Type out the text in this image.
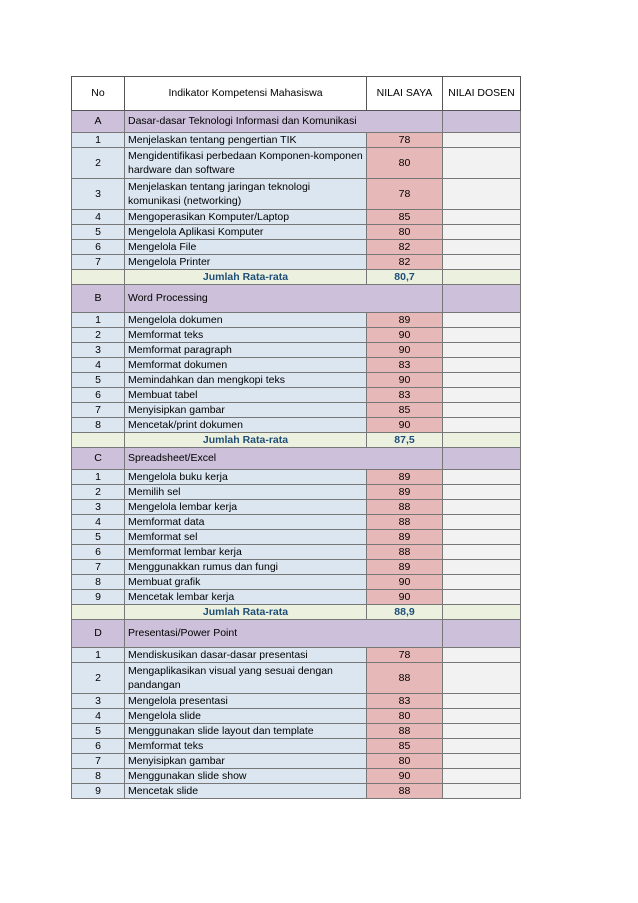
No	Indikator Kompetensi Mahasiswa	NILAI SAYA	NILAI DOSEN
A	Dasar-dasar Teknologi Informasi dan Komunikasi		
1	Menjelaskan tentang pengertian TIK	78	
2	Mengidentifikasi perbedaan Komponen-komponen hardware dan software	80	
3	Menjelaskan tentang jaringan teknologi komunikasi (networking)	78	
4	Mengoperasikan Komputer/Laptop	85	
5	Mengelola Aplikasi Komputer	80	
6	Mengelola File	82	
7	Mengelola Printer	82	
	Jumlah Rata-rata	80,7	
B	Word Processing		
1	Mengelola dokumen	89	
2	Memformat teks	90	
3	Memformat paragraph	90	
4	Memformat dokumen	83	
5	Memindahkan dan mengkopi teks	90	
6	Membuat tabel	83	
7	Menyisipkan gambar	85	
8	Mencetak/print dokumen	90	
	Jumlah Rata-rata	87,5	
C	Spreadsheet/Excel		
1	Mengelola buku kerja	89	
2	Memilih sel	89	
3	Mengelola lembar kerja	88	
4	Memformat data	88	
5	Memformat sel	89	
6	Memformat lembar kerja	88	
7	Menggunakkan rumus dan fungi	89	
8	Membuat grafik	90	
9	Mencetak lembar kerja	90	
	Jumlah Rata-rata	88,9	
D	Presentasi/Power Point		
1	Mendiskusikan dasar-dasar presentasi	78	
2	Mengaplikasikan visual yang sesuai dengan pandangan	88	
3	Mengelola presentasi	83	
4	Mengelola slide	80	
5	Menggunakan slide layout dan template	88	
6	Memformat teks	85	
7	Menyisipkan gambar	80	
8	Menggunakan slide show	90	
9	Mencetak slide	88	
